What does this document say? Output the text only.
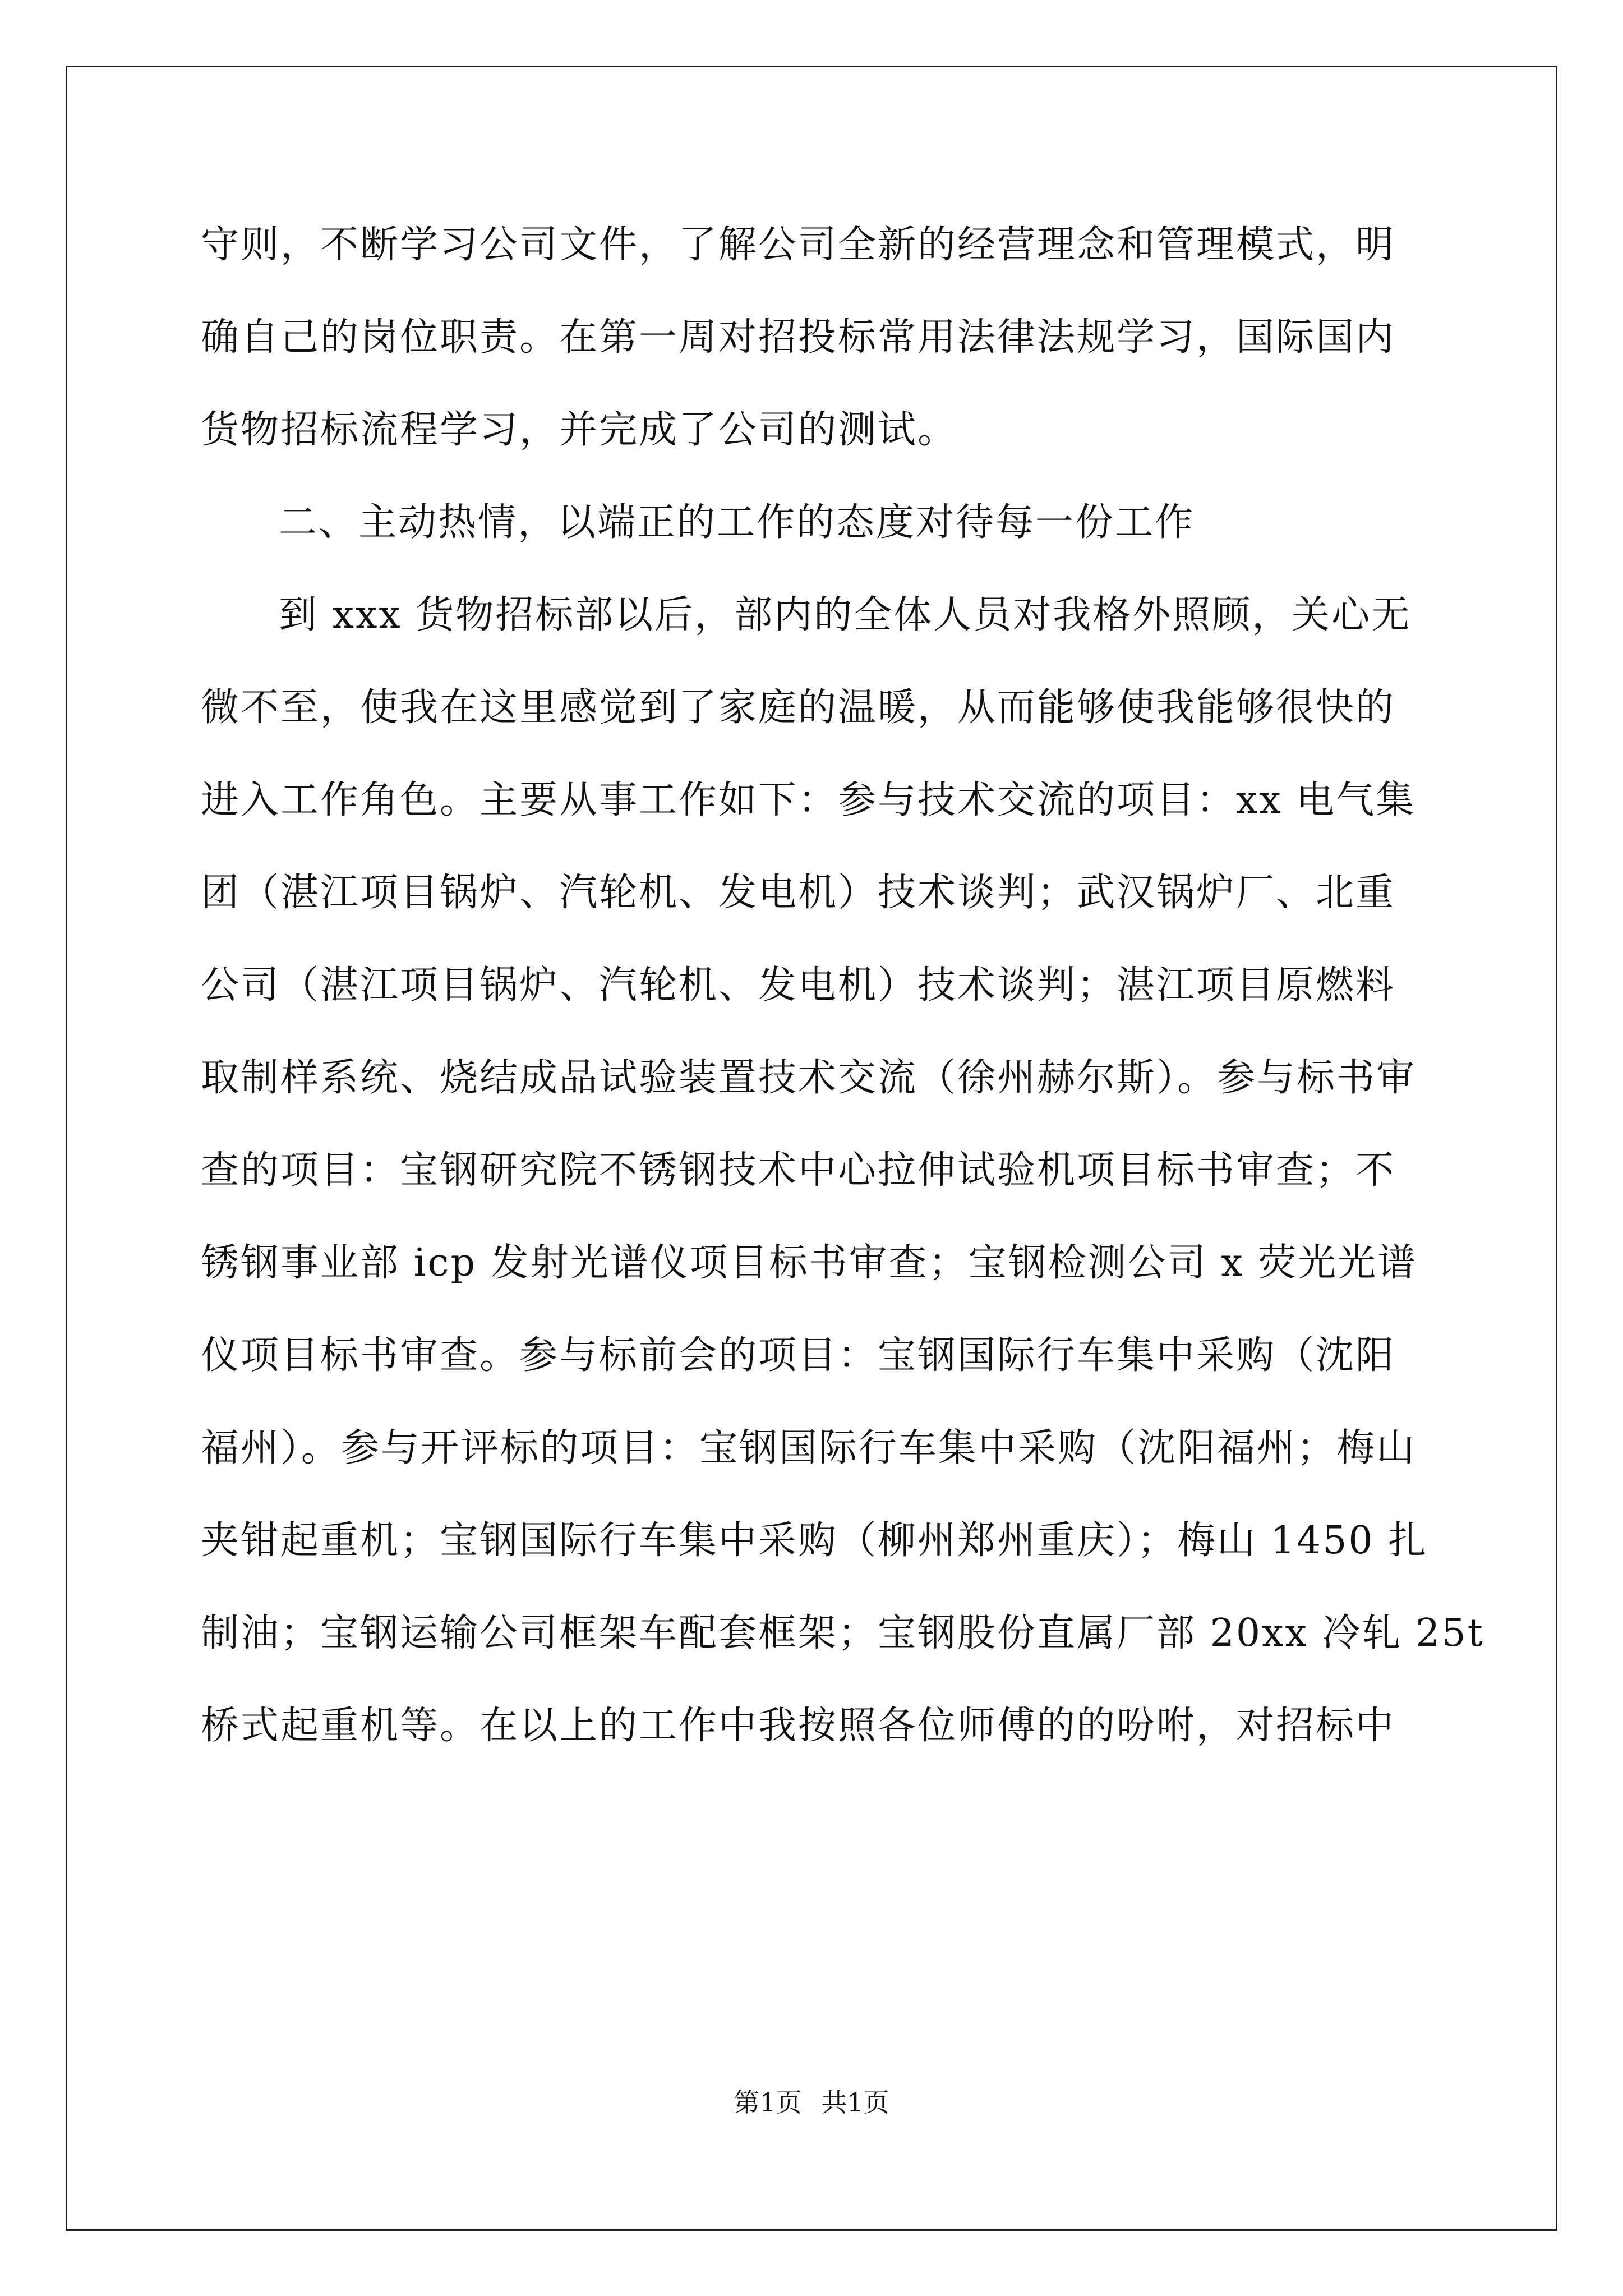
守则，不断学习公司文件，了解公司全新的经营理念和管理模式，明
确自己的岗位职责。在第一周对招投标常用法律法规学习，国际国内
货物招标流程学习，并完成了公司的测试。
二、主动热情，以端正的工作的态度对待每一份工作
到 xxx 货物招标部以后，部内的全体人员对我格外照顾，关心无
微不至，使我在这里感觉到了家庭的温暖，从而能够使我能够很快的
进入工作角色。主要从事工作如下：参与技术交流的项目：xx 电气集
团（湛江项目锅炉、汽轮机、发电机）技术谈判；武汉锅炉厂、北重
公司（湛江项目锅炉、汽轮机、发电机）技术谈判；湛江项目原燃料
取制样系统、烧结成品试验装置技术交流（徐州赫尔斯）。参与标书审
查的项目：宝钢研究院不锈钢技术中心拉伸试验机项目标书审查；不
锈钢事业部 icp 发射光谱仪项目标书审查；宝钢检测公司 x 荧光光谱
仪项目标书审查。参与标前会的项目：宝钢国际行车集中采购（沈阳
福州）。参与开评标的项目：宝钢国际行车集中采购（沈阳福州；梅山
夹钳起重机；宝钢国际行车集中采购（柳州郑州重庆）；梅山 1450 扎
制油；宝钢运输公司框架车配套框架；宝钢股份直属厂部 20xx 冷轧 25t
桥式起重机等。在以上的工作中我按照各位师傅的的吩咐，对招标中
第1页 共1页
